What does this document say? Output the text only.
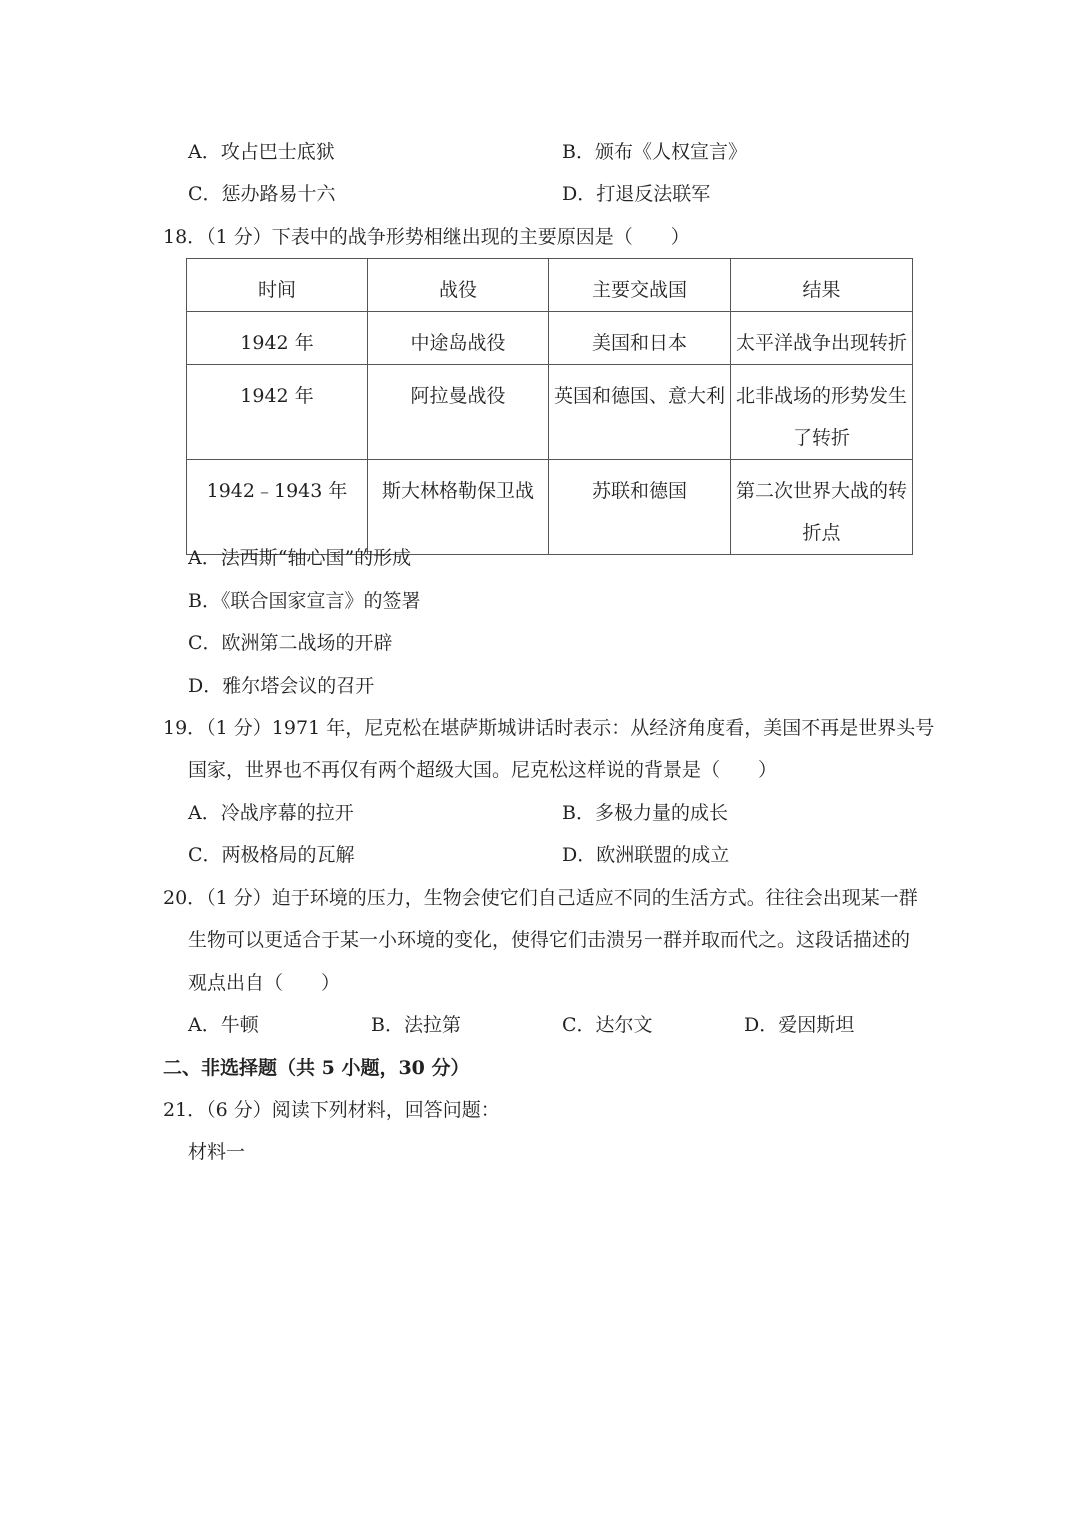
A．攻占巴士底狱	B．颁布《人权宣言》
C．惩办路易十六	D．打退反法联军
18．（1 分）下表中的战争形势相继出现的主要原因是（　　）
时间	战役	主要交战国	结果
1942 年	中途岛战役	美国和日本	太平洋战争出现转折
1942 年	阿拉曼战役	英国和德国、意大利	北非战场的形势发生了转折
1942﹣1943 年	斯大林格勒保卫战	苏联和德国	第二次世界大战的转折点
A．法西斯“轴心国”的形成
B．《联合国家宣言》的签署
C．欧洲第二战场的开辟
D．雅尔塔会议的召开
19．（1 分）1971 年，尼克松在堪萨斯城讲话时表示：从经济角度看，美国不再是世界头号
国家，世界也不再仅有两个超级大国。尼克松这样说的背景是（　　）
A．冷战序幕的拉开	B．多极力量的成长
C．两极格局的瓦解	D．欧洲联盟的成立
20．（1 分）迫于环境的压力，生物会使它们自己适应不同的生活方式。往往会出现某一群
生物可以更适合于某一小环境的变化，使得它们击溃另一群并取而代之。这段话描述的
观点出自（　　）
A．牛顿	B．法拉第	C．达尔文	D．爱因斯坦
二、非选择题（共 5 小题，30 分）
21．（6 分）阅读下列材料，回答问题：
材料一
